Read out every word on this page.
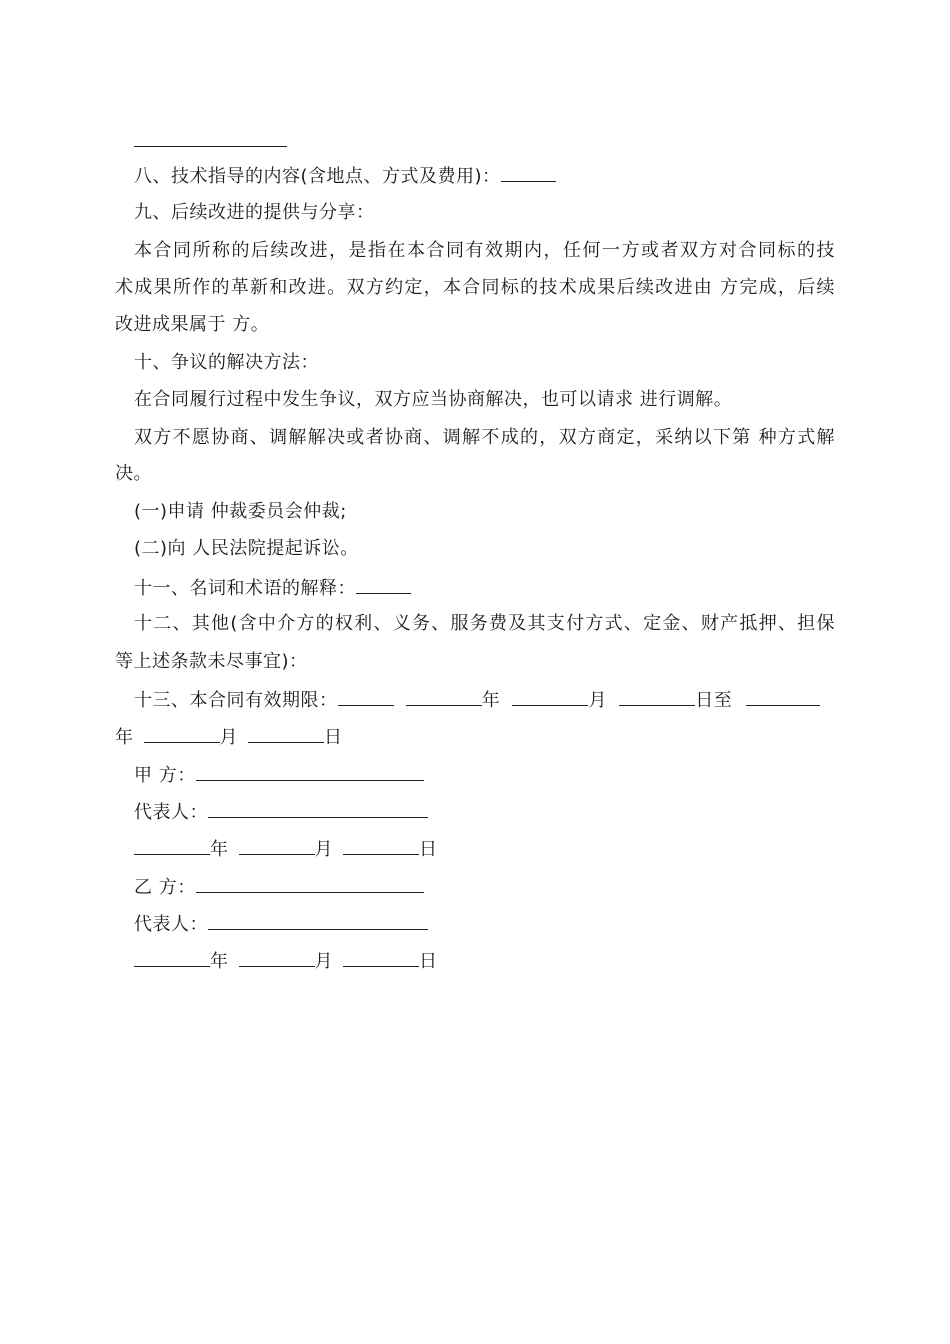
八、技术指导的内容(含地点、方式及费用)：
九、后续改进的提供与分享：
本合同所称的后续改进，是指在本合同有效期内，任何一方或者双方对合同标的技
术成果所作的革新和改进。双方约定，本合同标的技术成果后续改进由 方完成，后续
改进成果属于 方。
十、争议的解决方法：
在合同履行过程中发生争议，双方应当协商解决，也可以请求 进行调解。
双方不愿协商、调解解决或者协商、调解不成的，双方商定，采纳以下第 种方式解
决。
(一)申请 仲裁委员会仲裁;
(二)向 人民法院提起诉讼。
十一、名词和术语的解释：
十二、其他(含中介方的权利、义务、服务费及其支付方式、定金、财产抵押、担保
等上述条款未尽事宜)：
十三、本合同有效期限：	年	月	日至
年	月	日
甲 方：
代表人：
年	月	日
乙 方：
代表人：
年	月	日
